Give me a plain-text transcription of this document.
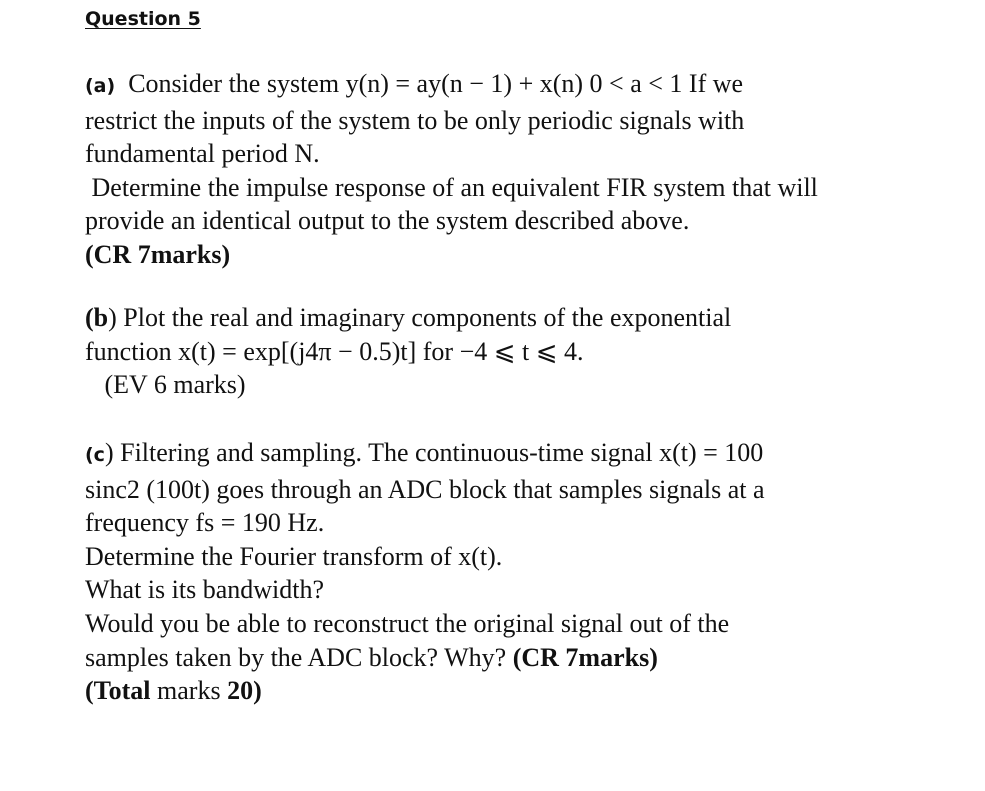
Question 5
(a) Consider the system y(n) = ay(n − 1) + x(n) 0 < a < 1 If we
restrict the inputs of the system to be only periodic signals with
fundamental period N.
Determine the impulse response of an equivalent FIR system that will
provide an identical output to the system described above.
(CR 7marks)
(b) Plot the real and imaginary components of the exponential
function x(t) = exp[(j4π − 0.5)t] for −4 ⩽ t ⩽ 4.
(EV 6 marks)
(c) Filtering and sampling. The continuous-time signal x(t) = 100
sinc2 (100t) goes through an ADC block that samples signals at a
frequency fs = 190 Hz.
Determine the Fourier transform of x(t).
What is its bandwidth?
Would you be able to reconstruct the original signal out of the
samples taken by the ADC block? Why? (CR 7marks)
(Total marks 20)
